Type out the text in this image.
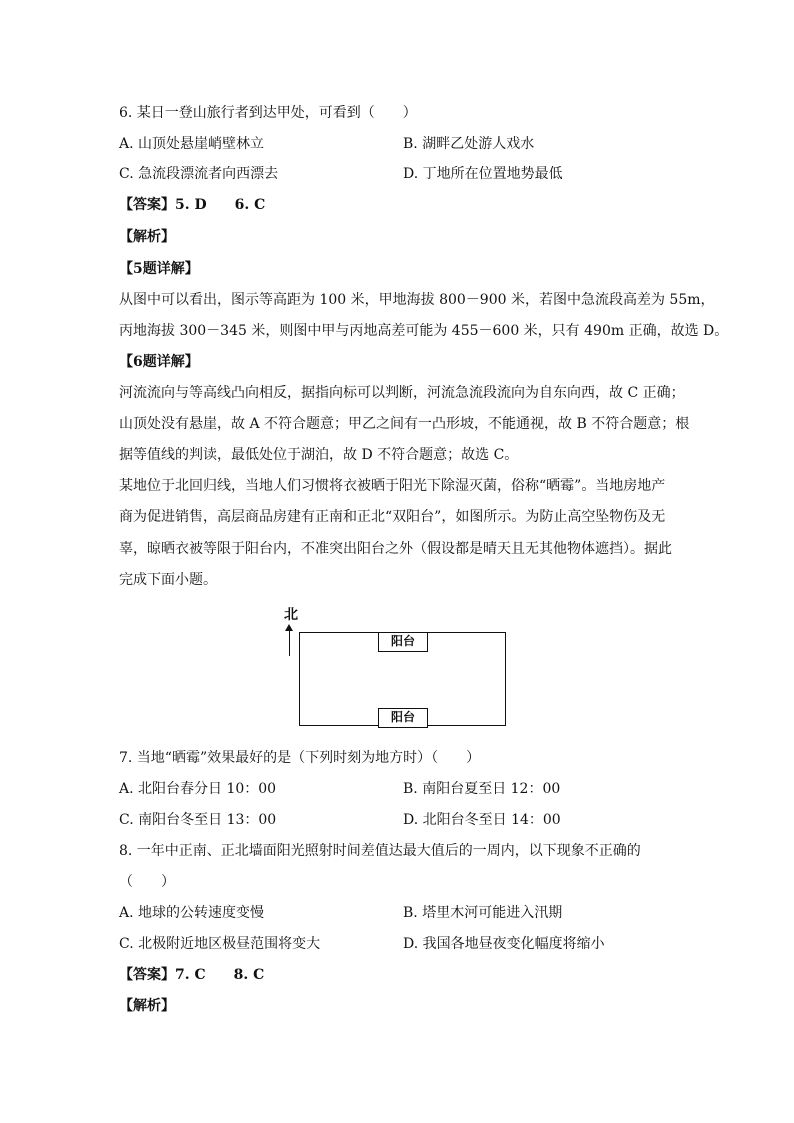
6. 某日一登山旅行者到达甲处，可看到（　　）
A. 山顶处悬崖峭壁林立	B. 湖畔乙处游人戏水
C. 急流段漂流者向西漂去	D. 丁地所在位置地势最低
【答案】5. D　　6. C
【解析】
【5题详解】
从图中可以看出，图示等高距为 100 米，甲地海拔 800－900 米，若图中急流段高差为 55m，
丙地海拔 300－345 米，则图中甲与丙地高差可能为 455－600 米，只有 490m 正确，故选 D。
【6题详解】
河流流向与等高线凸向相反，据指向标可以判断，河流急流段流向为自东向西，故 C 正确；
山顶处没有悬崖，故 A 不符合题意；甲乙之间有一凸形坡，不能通视，故 B 不符合题意；根
据等值线的判读，最低处位于湖泊，故 D 不符合题意；故选 C。
某地位于北回归线，当地人们习惯将衣被晒于阳光下除湿灭菌，俗称“晒霉”。当地房地产
商为促进销售，高层商品房建有正南和正北“双阳台”，如图所示。为防止高空坠物伤及无
辜，晾晒衣被等限于阳台内，不准突出阳台之外（假设都是晴天且无其他物体遮挡）。据此
完成下面小题。
北
阳台
阳台
7. 当地“晒霉”效果最好的是（下列时刻为地方时）（　　）
A. 北阳台春分日 10：00	B. 南阳台夏至日 12：00
C. 南阳台冬至日 13：00	D. 北阳台冬至日 14：00
8. 一年中正南、正北墙面阳光照射时间差值达最大值后的一周内，以下现象不正确的
（　　）
A. 地球的公转速度变慢	B. 塔里木河可能进入汛期
C. 北极附近地区极昼范围将变大	D. 我国各地昼夜变化幅度将缩小
【答案】7. C　　8. C
【解析】
